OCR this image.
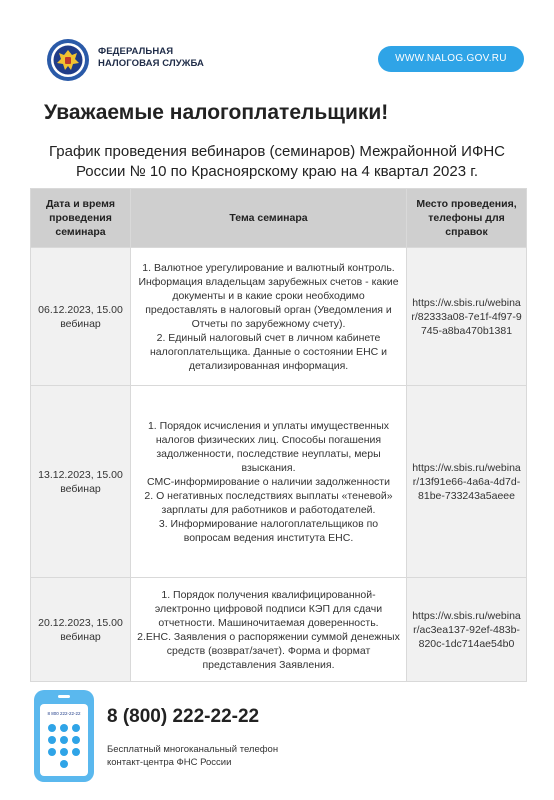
ФЕДЕРАЛЬНАЯ
НАЛОГОВАЯ СЛУЖБА	WWW.NALOG.GOV.RU
Уважаемые налогоплательщики!
График проведения вебинаров (семинаров) Межрайонной ИФНС России № 10 по Красноярскому краю на 4 квартал 2023 г.
Дата и время проведения семинара	Тема семинара	Место проведения, телефоны для справок
06.12.2023, 15.00 вебинар	1. Валютное урегулирование и валютный контроль.
Информация владельцам зарубежных счетов - какие документы и в какие сроки необходимо предоставлять в налоговый орган (Уведомления и Отчеты по зарубежному счету).
2. Единый налоговый счет в личном кабинете налогоплательщика. Данные о состоянии ЕНС и детализированная информация.	https://w.sbis.ru/webinar/82333a08-7e1f-4f97-9745-a8ba470b1381
13.12.2023, 15.00 вебинар	1. Порядок исчисления и уплаты имущественных налогов физических лиц. Способы погашения задолженности, последствие неуплаты, меры взыскания.
СМС-информирование о наличии задолженности
2. О негативных последствиях выплаты «теневой» зарплаты для работников и работодателей.
3. Информирование налогоплательщиков по вопросам ведения института ЕНС.	https://w.sbis.ru/webinar/13f91e66-4a6a-4d7d-81be-733243a5aeee
20.12.2023, 15.00 вебинар	1. Порядок получения квалифицированной-электронно цифровой подписи КЭП для сдачи отчетности. Машиночитаемая доверенность.
2.ЕНС. Заявления о распоряжении суммой денежных средств (возврат/зачет). Форма и формат представления Заявления.	https://w.sbis.ru/webinar/ac3ea137-92ef-483b-820c-1dc714ae54b0
8 800 222-22-22 8 (800) 222-22-22
Бесплатный многоканальный телефон
контакт-центра ФНС России
